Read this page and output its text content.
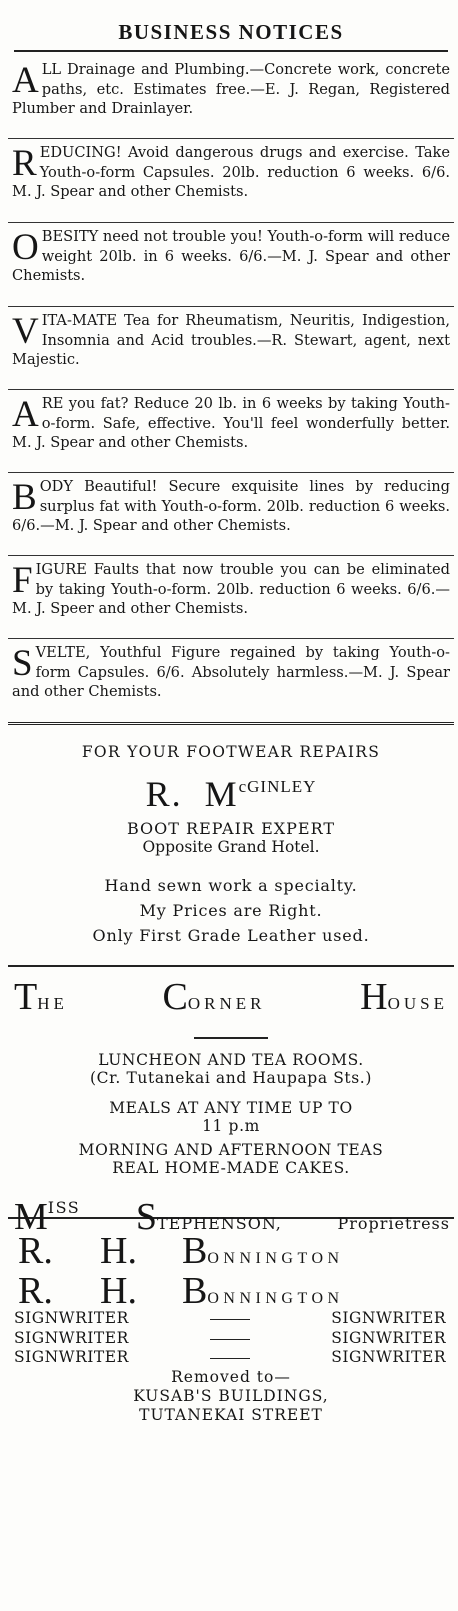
BUSINESS NOTICES
ALL Drainage and Plumbing.—Concrete work, concrete paths, etc. Estimates free.—E. J. Regan, Registered Plumber and Drainlayer.
REDUCING! Avoid dangerous drugs and exercise. Take Youth-o-form Capsules. 20lb. reduction 6 weeks. 6/6. M. J. Spear and other Chemists.
OBESITY need not trouble you! Youth-o-form will reduce weight 20lb. in 6 weeks. 6/6.—M. J. Spear and other Chemists.
VITA-MATE Tea for Rheumatism, Neuritis, Indigestion, Insomnia and Acid troubles.—R. Stewart, agent, next Majestic.
ARE you fat? Reduce 20 lb. in 6 weeks by taking Youth-o-form. Safe, effective. You'll feel wonderfully better. M. J. Spear and other Chemists.
BODY Beautiful! Secure exquisite lines by reducing surplus fat with Youth-o-form. 20lb. reduction 6 weeks. 6/6.—M. J. Spear and other Chemists.
FIGURE Faults that now trouble you can be eliminated by taking Youth-o-form. 20lb. reduction 6 weeks. 6/6.—M. J. Speer and other Chemists.
SVELTE, Youthful Figure regained by taking Youth-o-form Capsules. 6/6. Absolutely harmless.—M. J. Spear and other Chemists.
FOR YOUR FOOTWEAR REPAIRS
R. $M^{cGINLEY}$
BOOT REPAIR EXPERT
Opposite Grand Hotel.
Hand sewn work a specialty.
My Prices are Right.
Only First Grade Leather used.
THE CORNER HOUSE
LUNCHEON AND TEA ROOMS.
(Cr. Tutanekai and Haupapa Sts.)
MEALS AT ANY TIME UP TO
11 p.m
MORNING AND AFTERNOON TEAS
REAL HOME-MADE CAKES.
MISS STEPHENSON,	Proprietress
R.	H.	B ONNINGTON
R.	H.	B ONNINGTON
SIGNWRITER	SIGNWRITER
SIGNWRITER	SIGNWRITER
SIGNWRITER	SIGNWRITER
Removed to—
KUSAB'S BUILDINGS,
TUTANEKAI STREET
